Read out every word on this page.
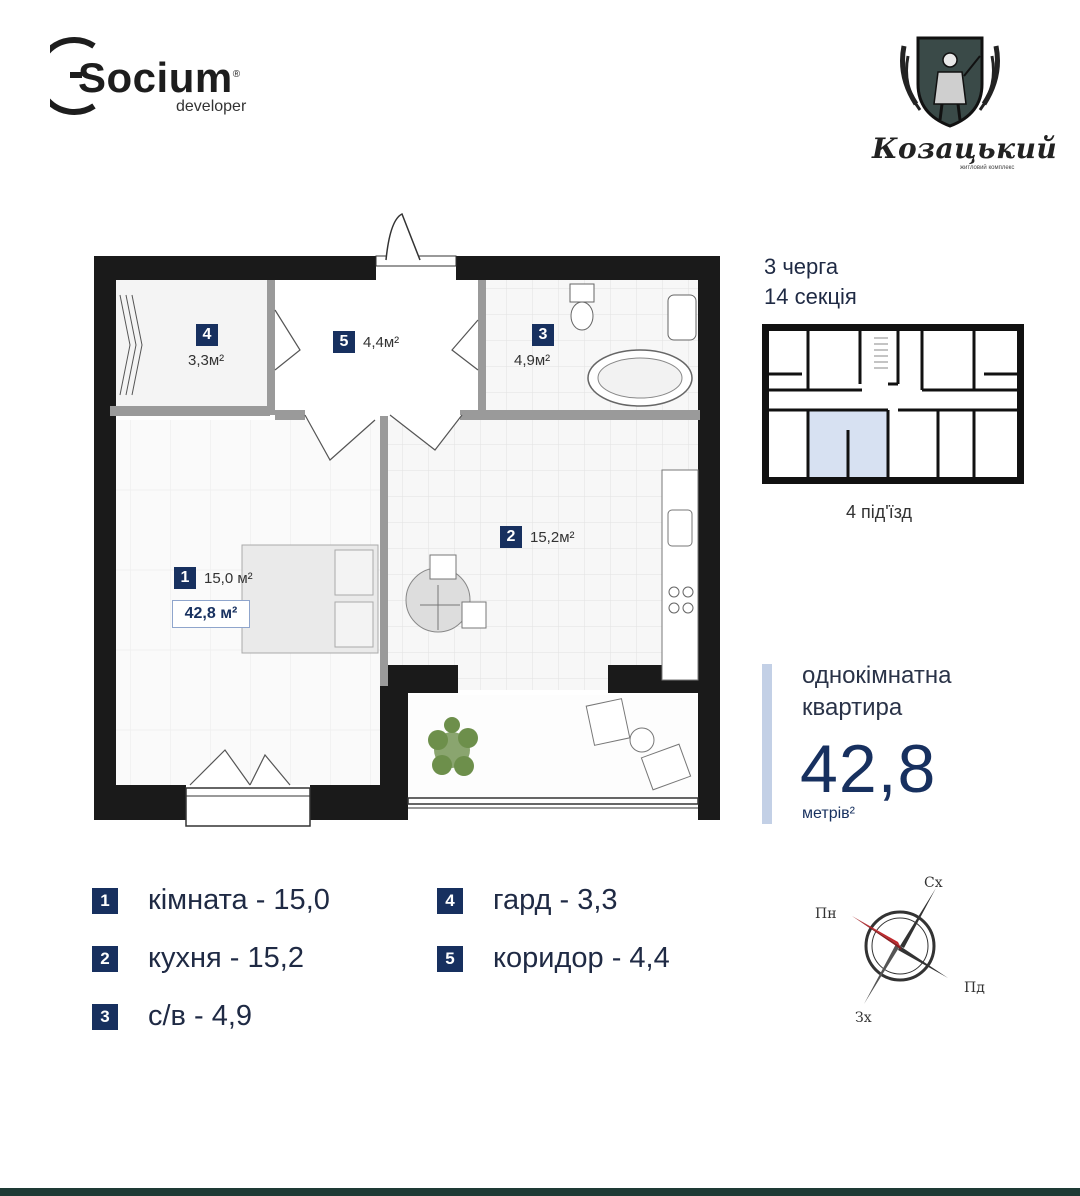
Socium®
developer
Козацький
житловий комплекс
3 черга
14 секція
4 під'їзд
однокімнатна
квартира
42,8
метрів²
4
3,3м²
5 4,4м²	3
4,9м²
2 15,2м²
1 15,0 м²
42,8 м²
1 кімната - 15,0
2 кухня - 15,2
3 с/в - 4,9
4 гард - 3,3
5 коридор - 4,4
Сх
Пн
Пд
Зх
